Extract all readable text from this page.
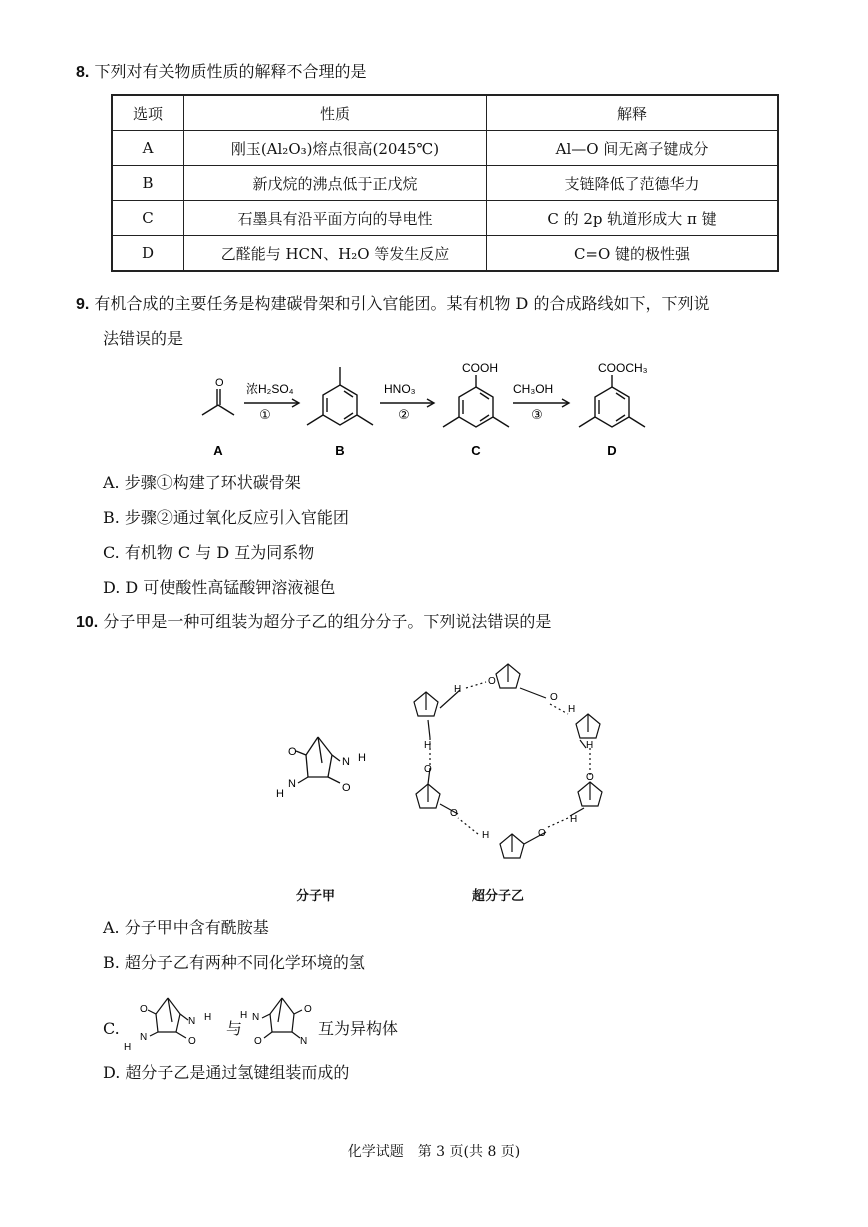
8. 下列对有关物质性质的解释不合理的是
选项	性质	解释
A	刚玉(Al₂O₃)熔点很高(2045℃)	Al—O 间无离子键成分
B	新戊烷的沸点低于正戊烷	支链降低了范德华力
C	石墨具有沿平面方向的导电性	C 的 2p 轨道形成大 π 键
D	乙醛能与 HCN、H₂O 等发生反应	C=O 键的极性强
9. 有机合成的主要任务是构建碳骨架和引入官能团。某有机物 D 的合成路线如下，下列说
法错误的是
O 浓H₂SO₄
①
HNO₃
②
CH₃OH
③
COOH	COOCH₃
A	B	C	D
A. 步骤①构建了环状碳骨架
B. 步骤②通过氧化反应引入官能团
C. 有机物 C 与 D 互为同系物
D. D 可使酸性高锰酸钾溶液褪色
10. 分子甲是一种可组装为超分子乙的组分分子。下列说法错误的是
O
N
H
N H
O
H
O
O
H
H
O
H
O
H
O
H
O
分子甲	超分子乙
A. 分子甲中含有酰胺基
B. 超分子乙有两种不同化学环境的氢
C.
O
N
H
N H
O
与
H N
O
O
N
互为异构体
D. 超分子乙是通过氢键组装而成的
化学试题　第 3 页(共 8 页)
